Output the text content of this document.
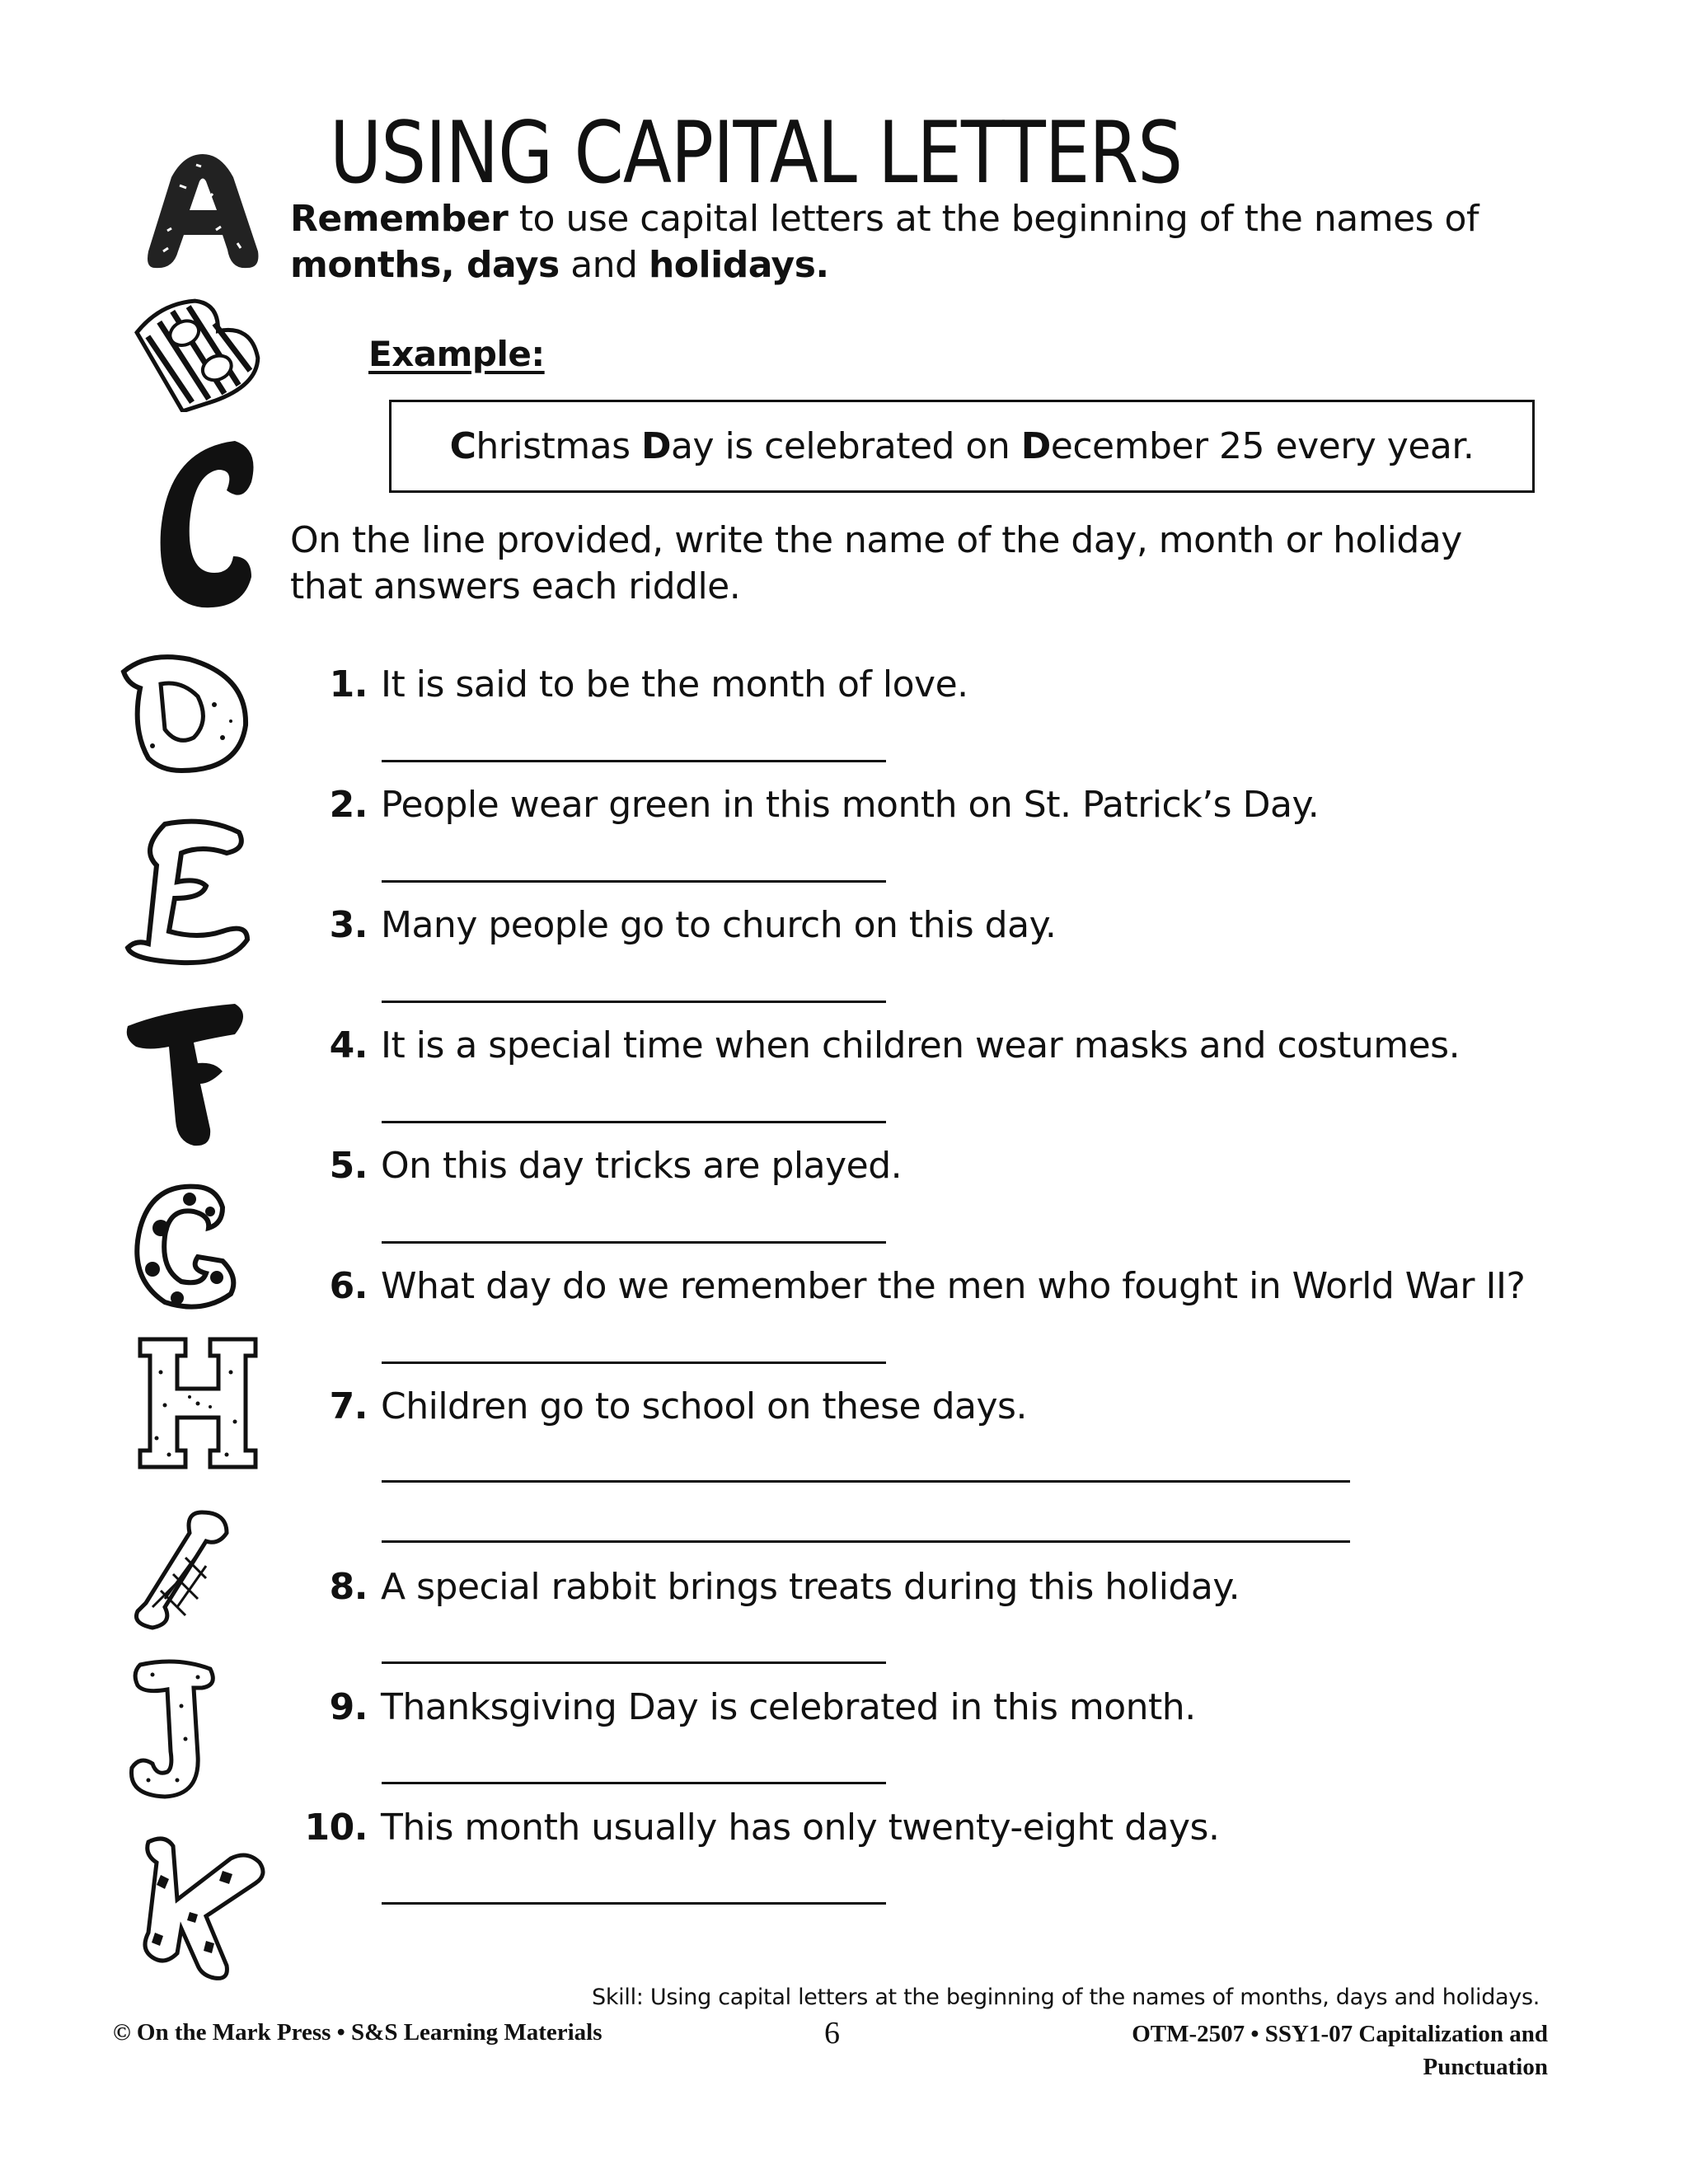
USING CAPITAL LETTERS
Remember to use capital letters at the beginning of the names of
months, days and holidays.
Example:
Christmas Day is celebrated on December 25 every year.
On the line provided, write the name of the day, month or holiday that answers each riddle.
1. It is said to be the month of love.
2. People wear green in this month on St. Patrick’s Day.
3. Many people go to church on this day.
4. It is a special time when children wear masks and costumes.
5. On this day tricks are played.
6. What day do we remember the men who fought in World War II?
7. Children go to school on these days.
8. A special rabbit brings treats during this holiday.
9. Thanksgiving Day is celebrated in this month.
10. This month usually has only twenty-eight days.
Skill: Using capital letters at the beginning of the names of months, days and holidays.
© On the Mark Press • S&S Learning Materials	6	OTM-2507 • SSY1-07 Capitalization and
Punctuation
